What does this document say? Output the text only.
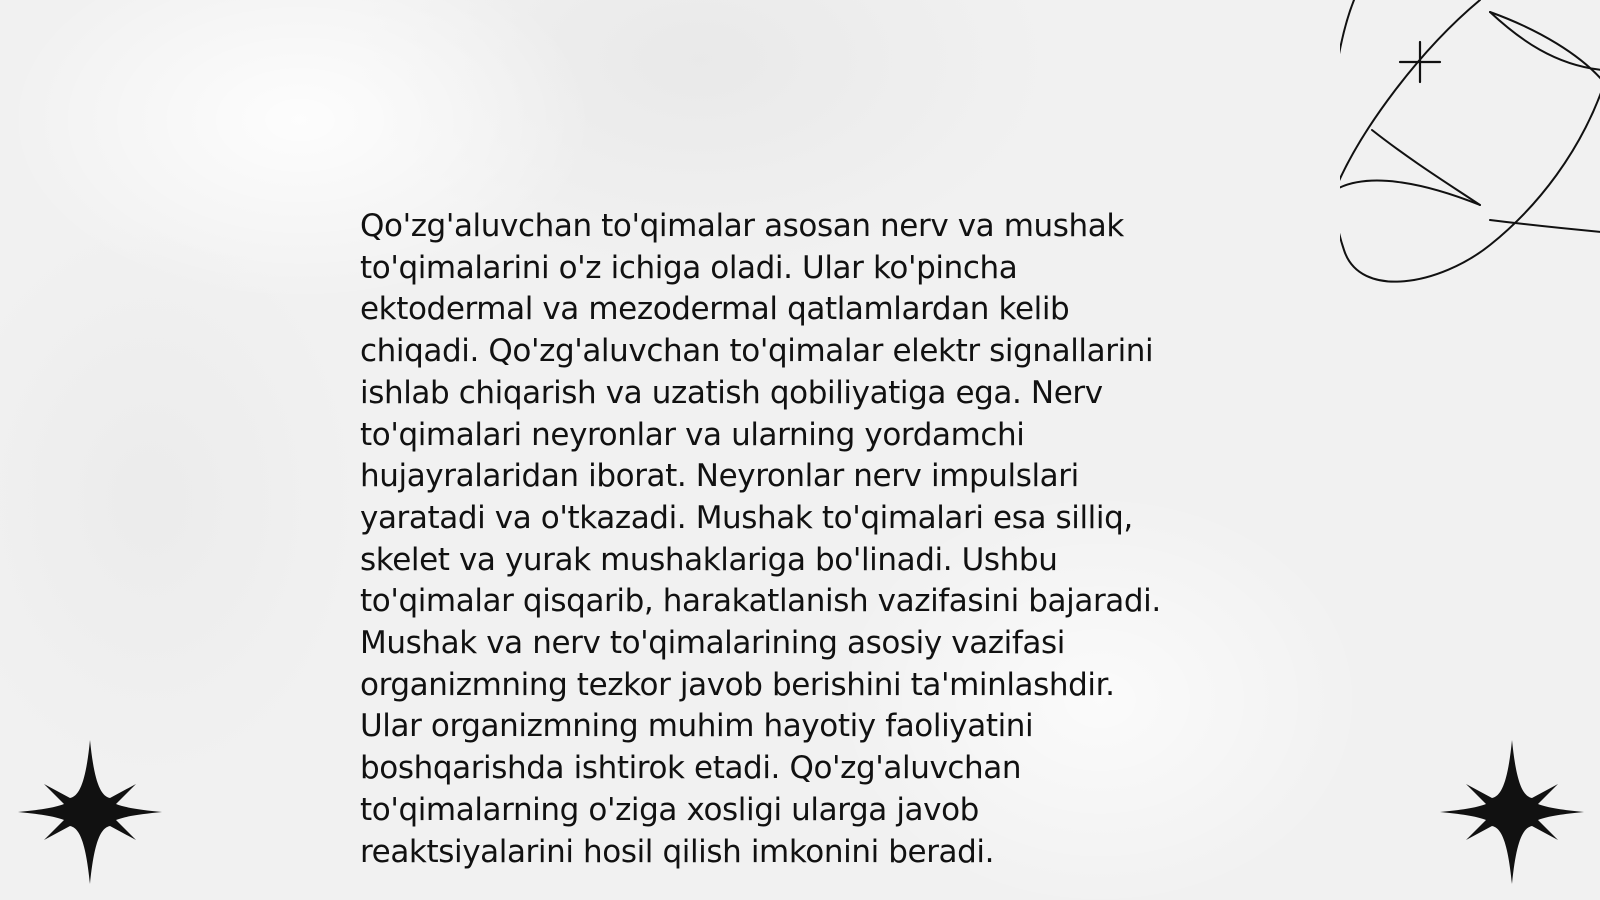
Qo'zg'aluvchan to'qimalar asosan nerv va mushak
to'qimalarini o'z ichiga oladi. Ular ko'pincha
ektodermal va mezodermal qatlamlardan kelib
chiqadi. Qo'zg'aluvchan to'qimalar elektr signallarini
ishlab chiqarish va uzatish qobiliyatiga ega. Nerv
to'qimalari neyronlar va ularning yordamchi
hujayralaridan iborat. Neyronlar nerv impulslari
yaratadi va o'tkazadi. Mushak to'qimalari esa silliq,
skelet va yurak mushaklariga bo'linadi. Ushbu
to'qimalar qisqarib, harakatlanish vazifasini bajaradi.
Mushak va nerv to'qimalarining asosiy vazifasi
organizmning tezkor javob berishini ta'minlashdir.
Ular organizmning muhim hayotiy faoliyatini
boshqarishda ishtirok etadi. Qo'zg'aluvchan
to'qimalarning o'ziga xosligi ularga javob
reaktsiyalarini hosil qilish imkonini beradi.
